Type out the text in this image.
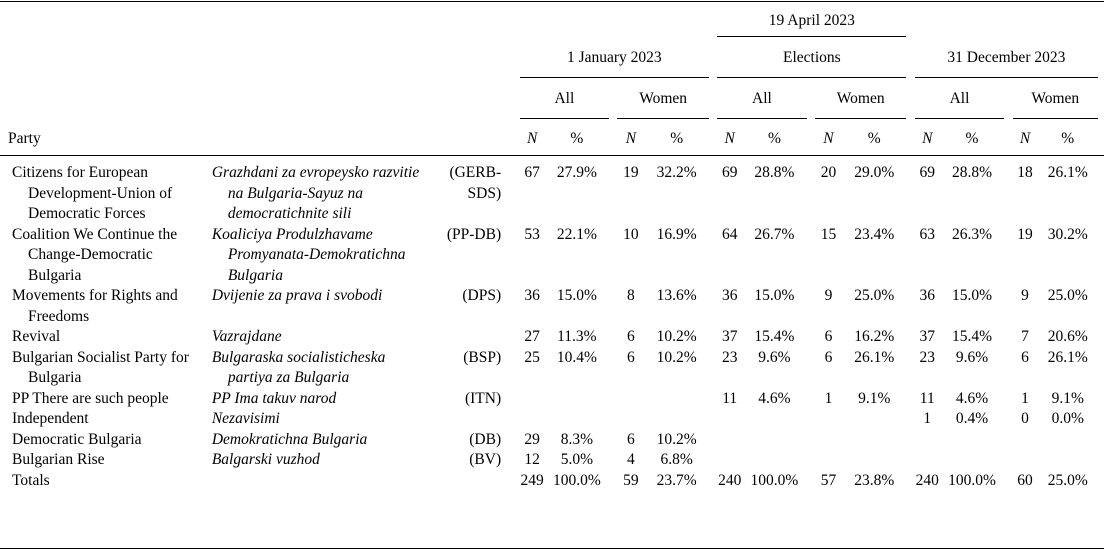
										19 April 2023										
				1 January 2023						Elections						31 December 2023				
				All			Women			All			Women			All			Women	
Party				N	%		N	%		N	%		N	%		N	%		N	%

Citizens for European Development-Union of Democratic Forces	Grazhdani za evropeysko razvitie na Bulgaria-Sayuz na democratichnite sili	(GERB-SDS)		67	27.9%		19	32.2%		69	28.8%		20	29.0%		69	28.8%		18	26.1%
Coalition We Continue the Change-Democratic Bulgaria	Koaliciya Produlzhavame Promyanata-Demokratichna Bulgaria	(PP-DB)		53	22.1%		10	16.9%		64	26.7%		15	23.4%		63	26.3%		19	30.2%
Movements for Rights and Freedoms	Dvijenie za prava i svobodi	(DPS)		36	15.0%		8	13.6%		36	15.0%		9	25.0%		36	15.0%		9	25.0%
Revival	Vazrajdane			27	11.3%		6	10.2%		37	15.4%		6	16.2%		37	15.4%		7	20.6%
Bulgarian Socialist Party for Bulgaria	Bulgaraska socialisticheska partiya za Bulgaria	(BSP)		25	10.4%		6	10.2%		23	9.6%		6	26.1%		23	9.6%		6	26.1%
PP There are such people	PP Ima takuv narod	(ITN)								11	4.6%		1	9.1%		11	4.6%		1	9.1%
Independent	Nezavisimi															1	0.4%		0	0.0%
Democratic Bulgaria	Demokratichna Bulgaria	(DB)		29	8.3%		6	10.2%												
Bulgarian Rise	Balgarski vuzhod	(BV)		12	5.0%		4	6.8%												
Totals				249	100.0%		59	23.7%		240	100.0%		57	23.8%		240	100.0%		60	25.0%
